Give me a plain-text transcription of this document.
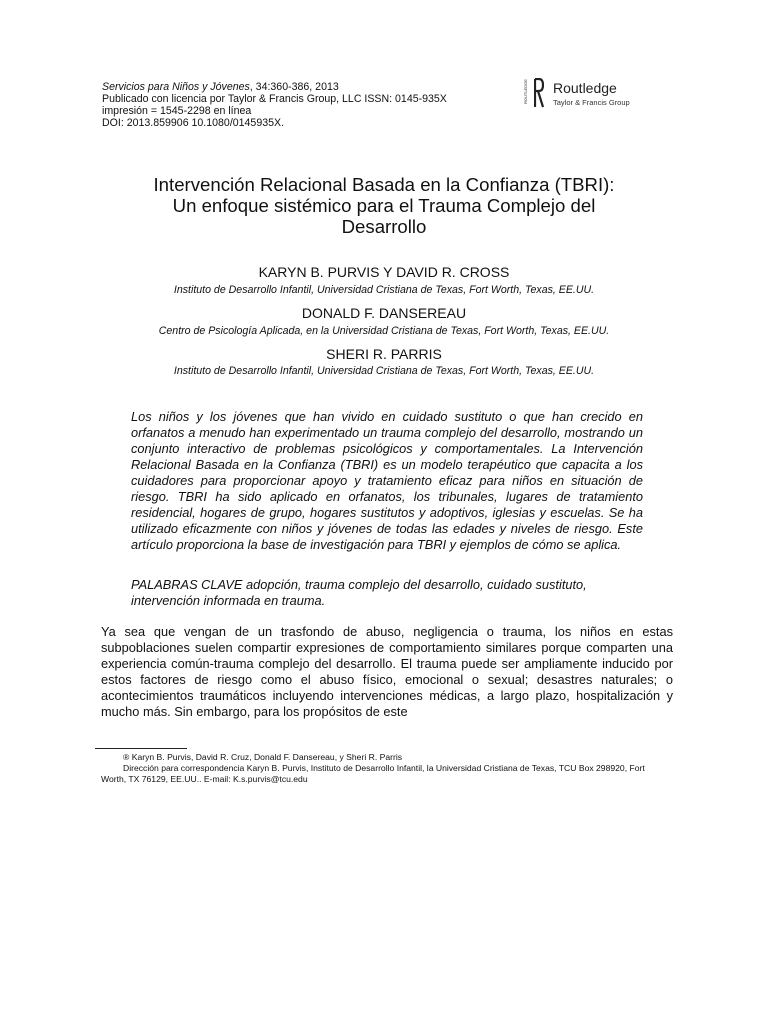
Servicios para Niños y Jóvenes, 34:360-386, 2013
Publicado con licencia por Taylor & Francis Group, LLC ISSN: 0145-935X
impresión = 1545-2298 en línea
DOI: 2013.859906 10.1080/0145935X.
ROUTLEDGE Routledge
Taylor & Francis Group
Intervención Relacional Basada en la Confianza (TBRI):
Un enfoque sistémico para el Trauma Complejo del
Desarrollo
KARYN B. PURVIS Y DAVID R. CROSS
Instituto de Desarrollo Infantil, Universidad Cristiana de Texas, Fort Worth, Texas, EE.UU.
DONALD F. DANSEREAU
Centro de Psicología Aplicada, en la Universidad Cristiana de Texas, Fort Worth, Texas, EE.UU.
SHERI R. PARRIS
Instituto de Desarrollo Infantil, Universidad Cristiana de Texas, Fort Worth, Texas, EE.UU.

Los niños y los jóvenes que han vivido en cuidado sustituto o que han crecido en orfanatos a menudo han experimentado un trauma complejo del desarrollo, mostrando un conjunto interactivo de problemas psicológicos y comportamentales. La Intervención Relacional Basada en la Confianza (TBRI) es un modelo terapéutico que capacita a los cuidadores para proporcionar apoyo y tratamiento eficaz para niños en situación de riesgo. TBRI ha sido aplicado en orfanatos, los tribunales, lugares de tratamiento residencial, hogares de grupo, hogares sustitutos y adoptivos, iglesias y escuelas. Se ha utilizado eficazmente con niños y jóvenes de todas las edades y niveles de riesgo. Este artículo proporciona la base de investigación para TBRI y ejemplos de cómo se aplica.

PALABRAS CLAVE adopción, trauma complejo del desarrollo, cuidado sustituto, intervención informada en trauma.

Ya sea que vengan de un trasfondo de abuso, negligencia o trauma, los niños en estas subpoblaciones suelen compartir expresiones de comportamiento similares porque comparten una experiencia común-trauma complejo del desarrollo. El trauma puede ser ampliamente inducido por estos factores de riesgo como el abuso físico, emocional o sexual; desastres naturales; o acontecimientos traumáticos incluyendo intervenciones médicas, a largo plazo, hospitalización y mucho más. Sin embargo, para los propósitos de este

® Karyn B. Purvis, David R. Cruz, Donald F. Dansereau, y Sheri R. Parris
Dirección para correspondencia Karyn B. Purvis, Instituto de Desarrollo Infantil, la Universidad Cristiana de Texas, TCU Box 298920, Fort Worth, TX 76129, EE.UU.. E-mail: K.s.purvis@tcu.edu
